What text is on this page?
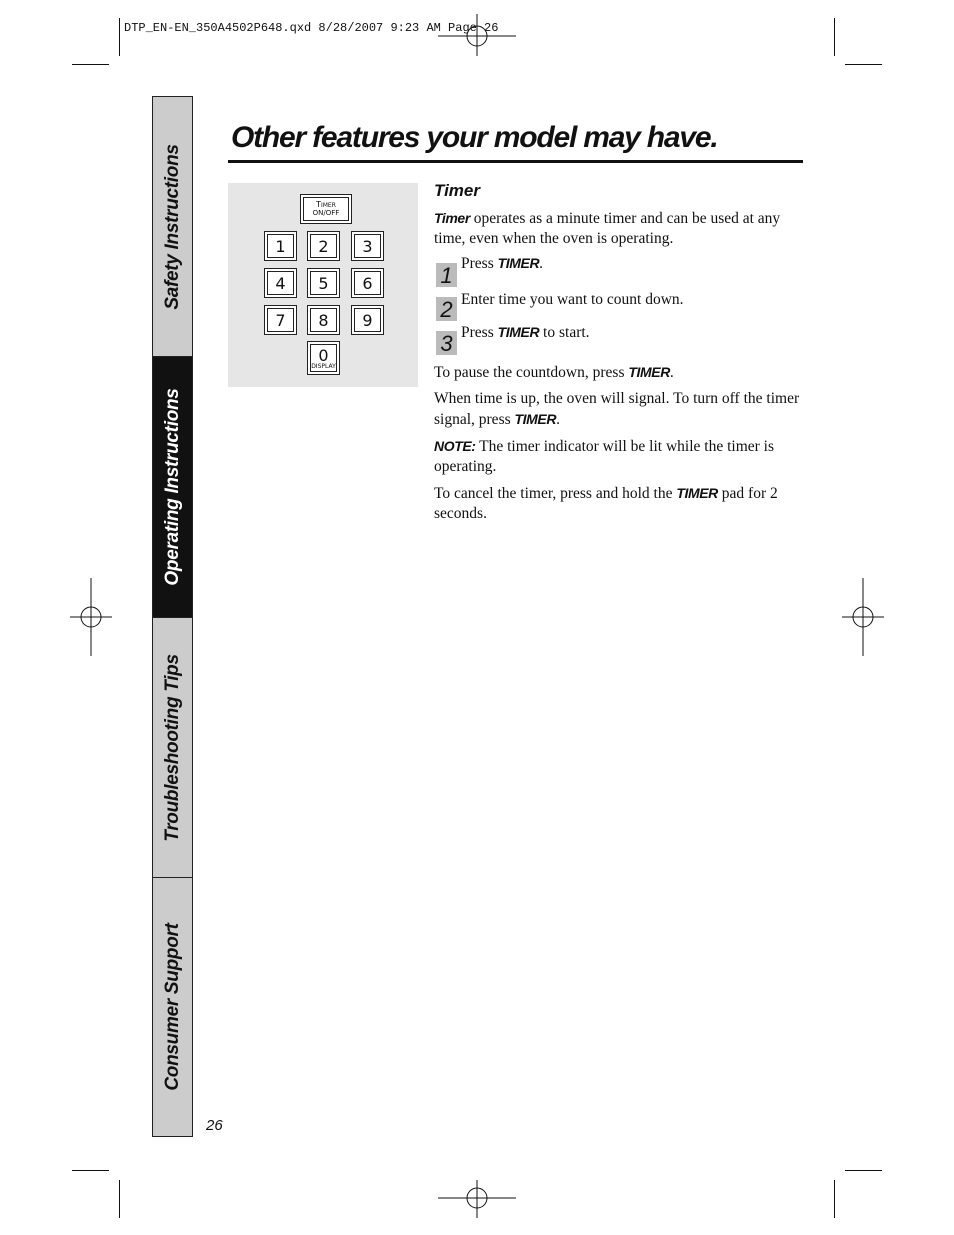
DTP_EN-EN_350A4502P648.qxd 8/28/2007 9:23 AM Page 26
Safety Instructions
Operating Instructions
Troubleshooting Tips
Consumer Support
26
Other features your model may have.
Timer
ON/OFF
1	2	3
4	5	6
7	8	9
0
DISPLAY
Timer
Timer operates as a minute timer and can be used at any time, even when the oven is operating.
1 Press TIMER.
2 Enter time you want to count down.
3 Press TIMER to start.
To pause the countdown, press TIMER.
When time is up, the oven will signal. To turn off the timer signal, press TIMER.
NOTE: The timer indicator will be lit while the timer is operating.
To cancel the timer, press and hold the TIMER pad for 2 seconds.
